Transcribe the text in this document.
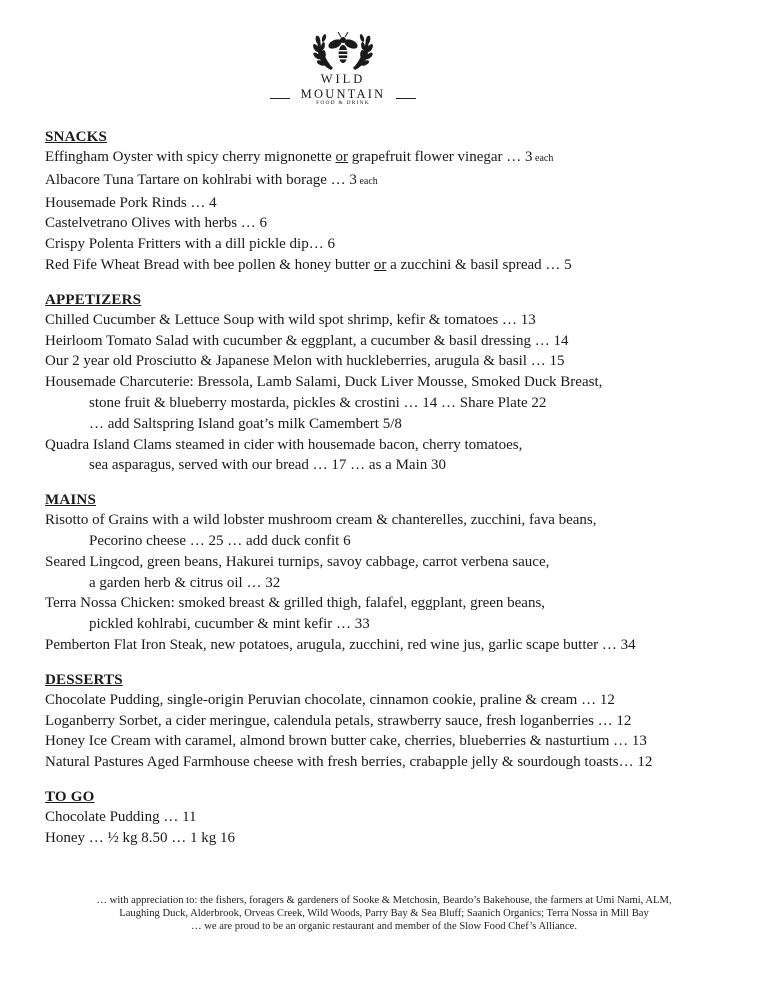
WILD
MOUNTAIN
FOOD & DRINK

SNACKS

Effingham Oyster with spicy cherry mignonette or grapefruit flower vinegar … 3 each

Albacore Tuna Tartare on kohlrabi with borage … 3 each

Housemade Pork Rinds … 4

Castelvetrano Olives with herbs … 6

Crispy Polenta Fritters with a dill pickle dip… 6

Red Fife Wheat Bread with bee pollen & honey butter or a zucchini & basil spread … 5

APPETIZERS

Chilled Cucumber & Lettuce Soup with wild spot shrimp, kefir & tomatoes … 13

Heirloom Tomato Salad with cucumber & eggplant, a cucumber & basil dressing … 14

Our 2 year old Prosciutto & Japanese Melon with huckleberries, arugula & basil … 15

Housemade Charcuterie: Bressola, Lamb Salami, Duck Liver Mousse, Smoked Duck Breast,

stone fruit & blueberry mostarda, pickles & crostini … 14 … Share Plate 22

… add Saltspring Island goat’s milk Camembert 5/8

Quadra Island Clams steamed in cider with housemade bacon, cherry tomatoes,

sea asparagus, served with our bread … 17 … as a Main 30

MAINS

Risotto of Grains with a wild lobster mushroom cream & chanterelles, zucchini, fava beans,

Pecorino cheese … 25 … add duck confit 6

Seared Lingcod, green beans, Hakurei turnips, savoy cabbage, carrot verbena sauce,

a garden herb & citrus oil … 32

Terra Nossa Chicken: smoked breast & grilled thigh, falafel, eggplant, green beans,

pickled kohlrabi, cucumber & mint kefir … 33

Pemberton Flat Iron Steak, new potatoes, arugula, zucchini, red wine jus, garlic scape butter … 34

DESSERTS

Chocolate Pudding, single-origin Peruvian chocolate, cinnamon cookie, praline & cream … 12

Loganberry Sorbet, a cider meringue, calendula petals, strawberry sauce, fresh loganberries … 12

Honey Ice Cream with caramel, almond brown butter cake, cherries, blueberries & nasturtium … 13

Natural Pastures Aged Farmhouse cheese with fresh berries, crabapple jelly & sourdough toasts… 12

TO GO

Chocolate Pudding … 11

Honey … ½ kg 8.50 … 1 kg 16

… with appreciation to: the fishers, foragers & gardeners of Sooke & Metchosin, Beardo’s Bakehouse, the farmers at Umi Nami, ALM,
Laughing Duck, Alderbrook, Orveas Creek, Wild Woods, Parry Bay & Sea Bluff; Saanich Organics; Terra Nossa in Mill Bay
… we are proud to be an organic restaurant and member of the Slow Food Chef’s Alliance.
